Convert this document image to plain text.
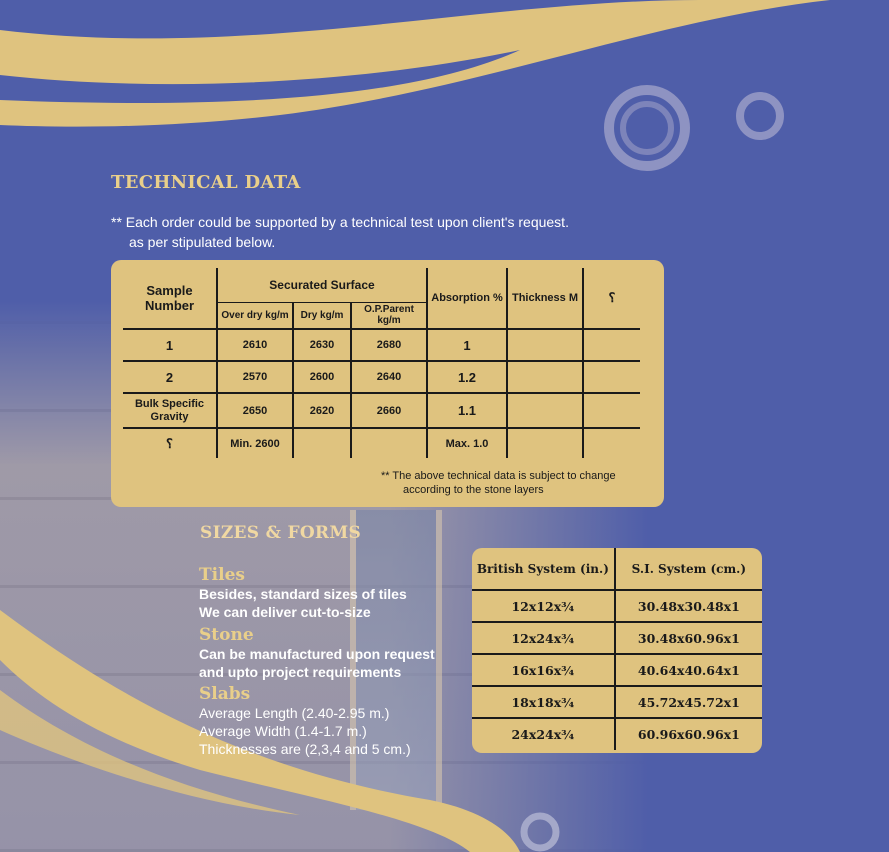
TECHNICAL DATA
** Each order could be supported by a technical test upon client's request.
as per stipulated below.
Sample Number	Securated Surface			Absorption %	Thickness M	؟
	Over dry kg/m	Dry kg/m	O.P.Parent kg/m			
1	2610	2630	2680	1		
2	2570	2600	2640	1.2		
Bulk Specific Gravity	2650	2620	2660	1.1		
؟	Min. 2600			Max. 1.0		
** The above technical data is subject to change
according to the stone layers
SIZES & FORMS
Tiles
Besides, standard sizes of tiles
We can deliver cut-to-size
Stone
Can be manufactured upon request
and upto project requirements
Slabs
Average Length (2.40-2.95 m.)
Average Width (1.4-1.7 m.)
Thicknesses are (2,3,4 and 5 cm.)
British System (in.)	S.I. System (cm.)
12x12x¾	30.48x30.48x1
12x24x¾	30.48x60.96x1
16x16x¾	40.64x40.64x1
18x18x¾	45.72x45.72x1
24x24x¾	60.96x60.96x1
